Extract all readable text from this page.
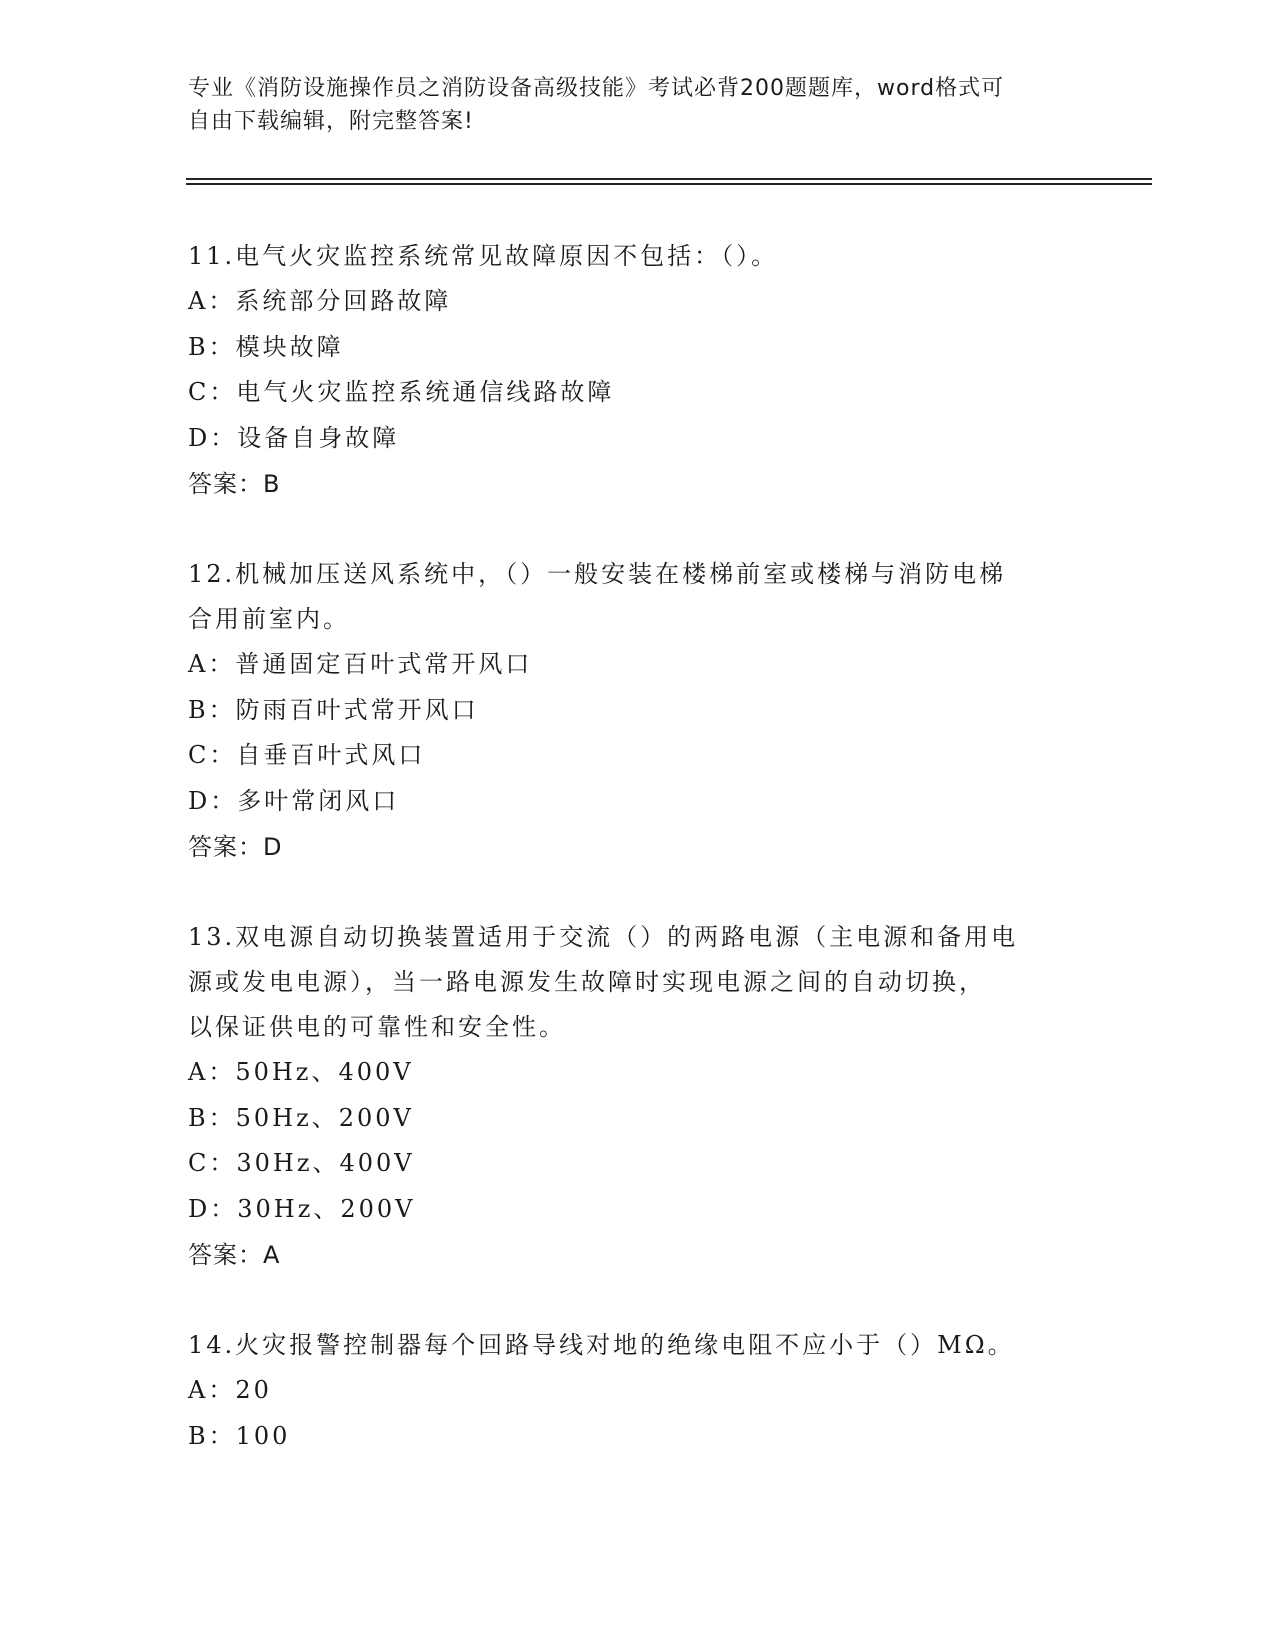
专业《消防设施操作员之消防设备高级技能》考试必背200题题库，word格式可
自由下载编辑，附完整答案!
11.电气火灾监控系统常见故障原因不包括：（）。
A：系统部分回路故障
B：模块故障
C：电气火灾监控系统通信线路故障
D：设备自身故障
答案：B
12.机械加压送风系统中，（）一般安装在楼梯前室或楼梯与消防电梯
合用前室内。
A：普通固定百叶式常开风口
B：防雨百叶式常开风口
C：自垂百叶式风口
D：多叶常闭风口
答案：D
13.双电源自动切换装置适用于交流（）的两路电源（主电源和备用电
源或发电电源），当一路电源发生故障时实现电源之间的自动切换，
以保证供电的可靠性和安全性。
A：50Hz、400V
B：50Hz、200V
C：30Hz、400V
D：30Hz、200V
答案：A
14.火灾报警控制器每个回路导线对地的绝缘电阻不应小于（）MΩ。
A：20
B：100
